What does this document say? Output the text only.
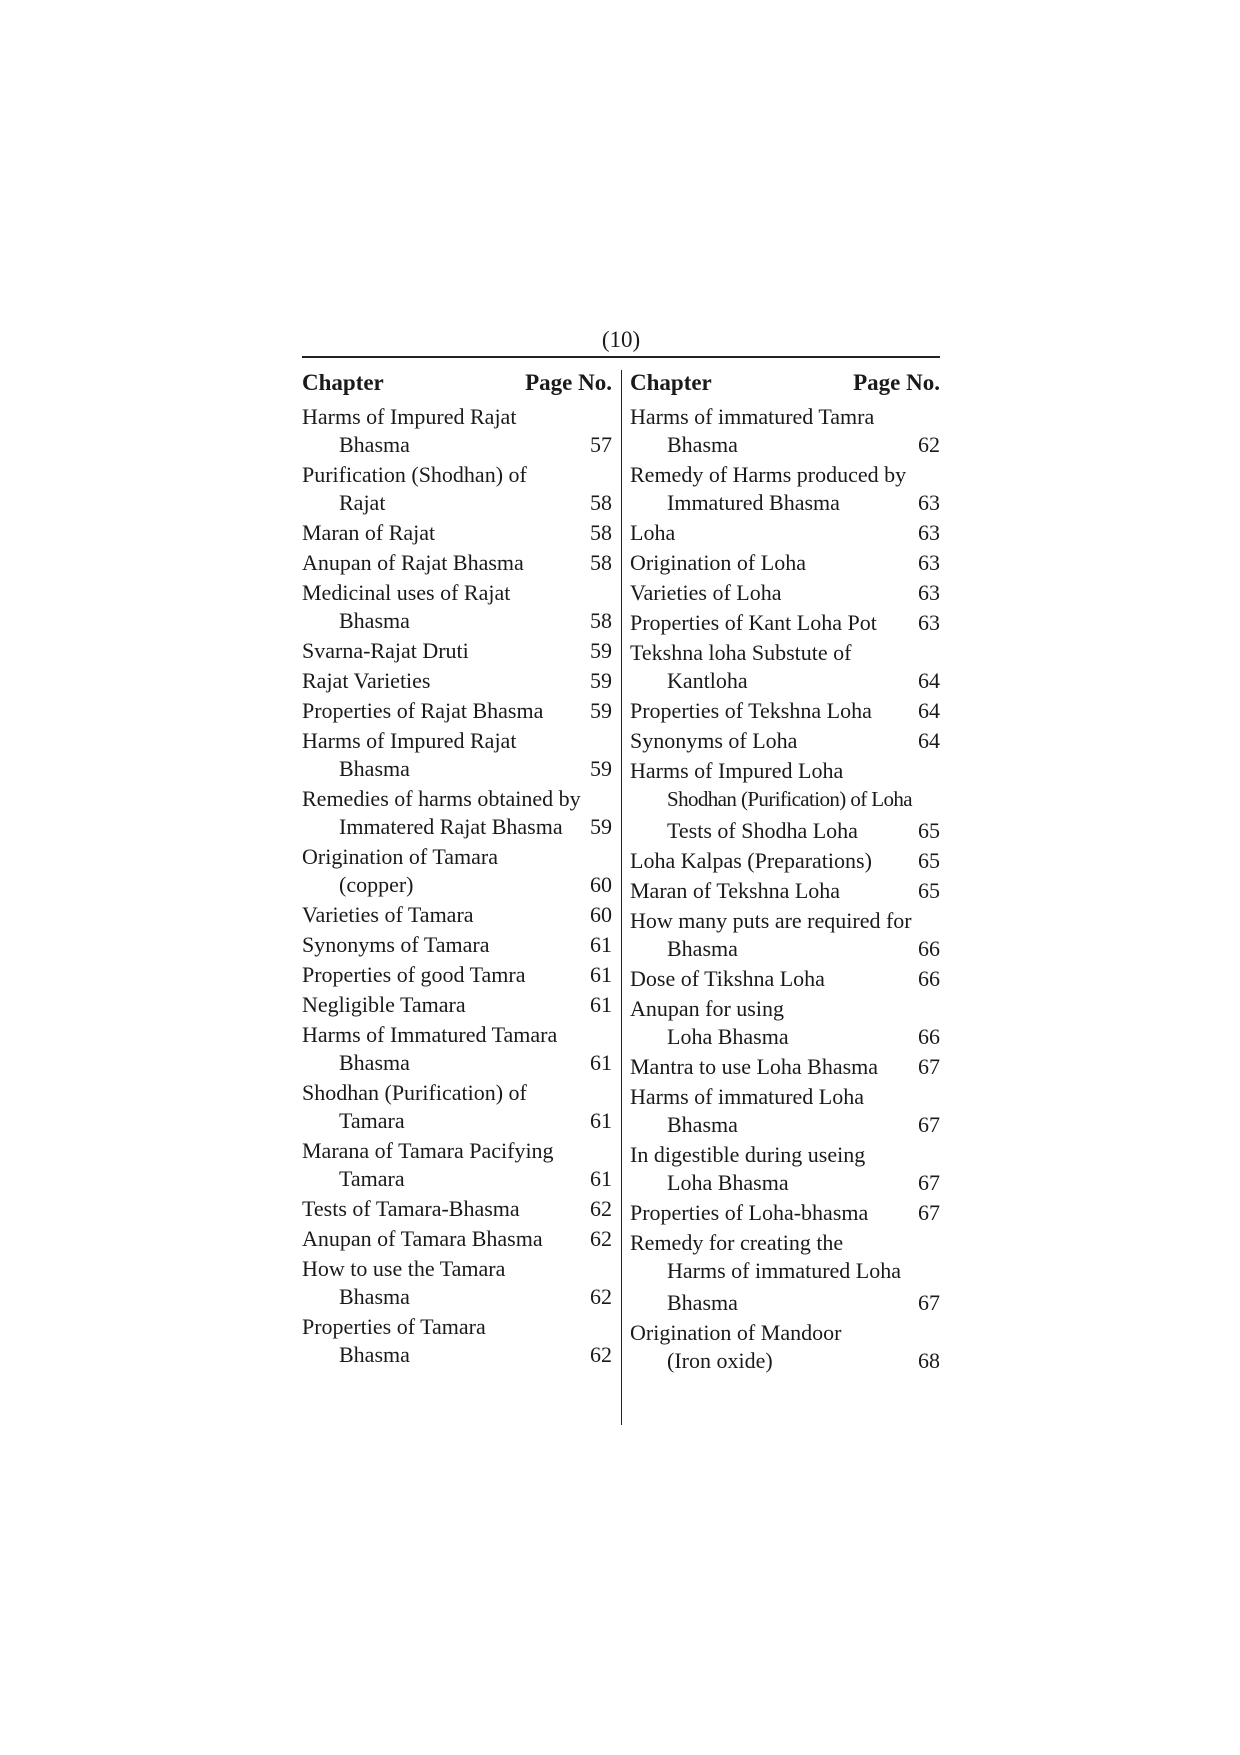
(10)
Chapter	Page No.
Harms of Impured Rajat
Bhasma	57
Purification (Shodhan) of
Rajat	58
Maran of Rajat	58
Anupan of Rajat Bhasma	58
Medicinal uses of Rajat
Bhasma	58
Svarna-Rajat Druti	59
Rajat Varieties	59
Properties of Rajat Bhasma	59
Harms of Impured Rajat
Bhasma	59
Remedies of harms obtained by
Immatered Rajat Bhasma	59
Origination of Tamara
(copper)	60
Varieties of Tamara	60
Synonyms of Tamara	61
Properties of good Tamra	61
Negligible Tamara	61
Harms of Immatured Tamara
Bhasma	61
Shodhan (Purification) of
Tamara	61
Marana of Tamara Pacifying
Tamara	61
Tests of Tamara-Bhasma	62
Anupan of Tamara Bhasma	62
How to use the Tamara
Bhasma	62
Properties of Tamara
Bhasma	62
Chapter	Page No.
Harms of immatured Tamra
Bhasma	62
Remedy of Harms produced by
Immatured Bhasma	63
Loha	63
Origination of Loha	63
Varieties of Loha	63
Properties of Kant Loha Pot	63
Tekshna loha Substute of
Kantloha	64
Properties of Tekshna Loha	64
Synonyms of Loha	64
Harms of Impured Loha
Shodhan (Purification) of Loha
Tests of Shodha Loha	65
Loha Kalpas (Preparations)	65
Maran of Tekshna Loha	65
How many puts are required for
Bhasma	66
Dose of Tikshna Loha	66
Anupan for using
Loha Bhasma	66
Mantra to use Loha Bhasma	67
Harms of immatured Loha
Bhasma	67
In digestible during useing
Loha Bhasma	67
Properties of Loha-bhasma	67
Remedy for creating the
Harms of immatured Loha
Bhasma	67
Origination of Mandoor
(Iron oxide)	68
